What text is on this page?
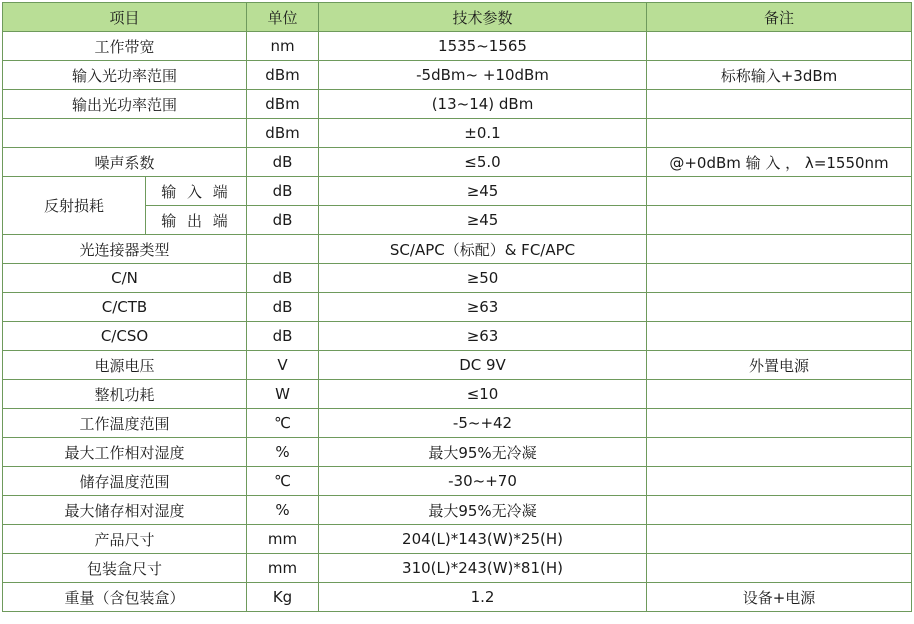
项目		单位	技术参数	备注
工作带宽		nm	1535~1565	
输入光功率范围		dBm	-5dBm~ +10dBm	标称输入+3dBm
输出光功率范围		dBm	(13~14) dBm	
		dBm	±0.1	
噪声系数		dB	≤5.0	@+0dBm 输 入 ， λ=1550nm
反射损耗	输 入 端	dB	≥45	
	输 出 端	dB	≥45	
光连接器类型			SC/APC（标配）& FC/APC	
C/N		dB	≥50	
C/CTB		dB	≥63	
C/CSO		dB	≥63	
电源电压		V	DC 9V	外置电源
整机功耗		W	≤10	
工作温度范围		℃	-5~+42	
最大工作相对湿度		%	最大95%无冷凝	
储存温度范围		℃	-30~+70	
最大储存相对湿度		%	最大95%无冷凝	
产品尺寸		mm	204(L)*143(W)*25(H)	
包装盒尺寸		mm	310(L)*243(W)*81(H)	
重量（含包装盒）		Kg	1.2	设备+电源
